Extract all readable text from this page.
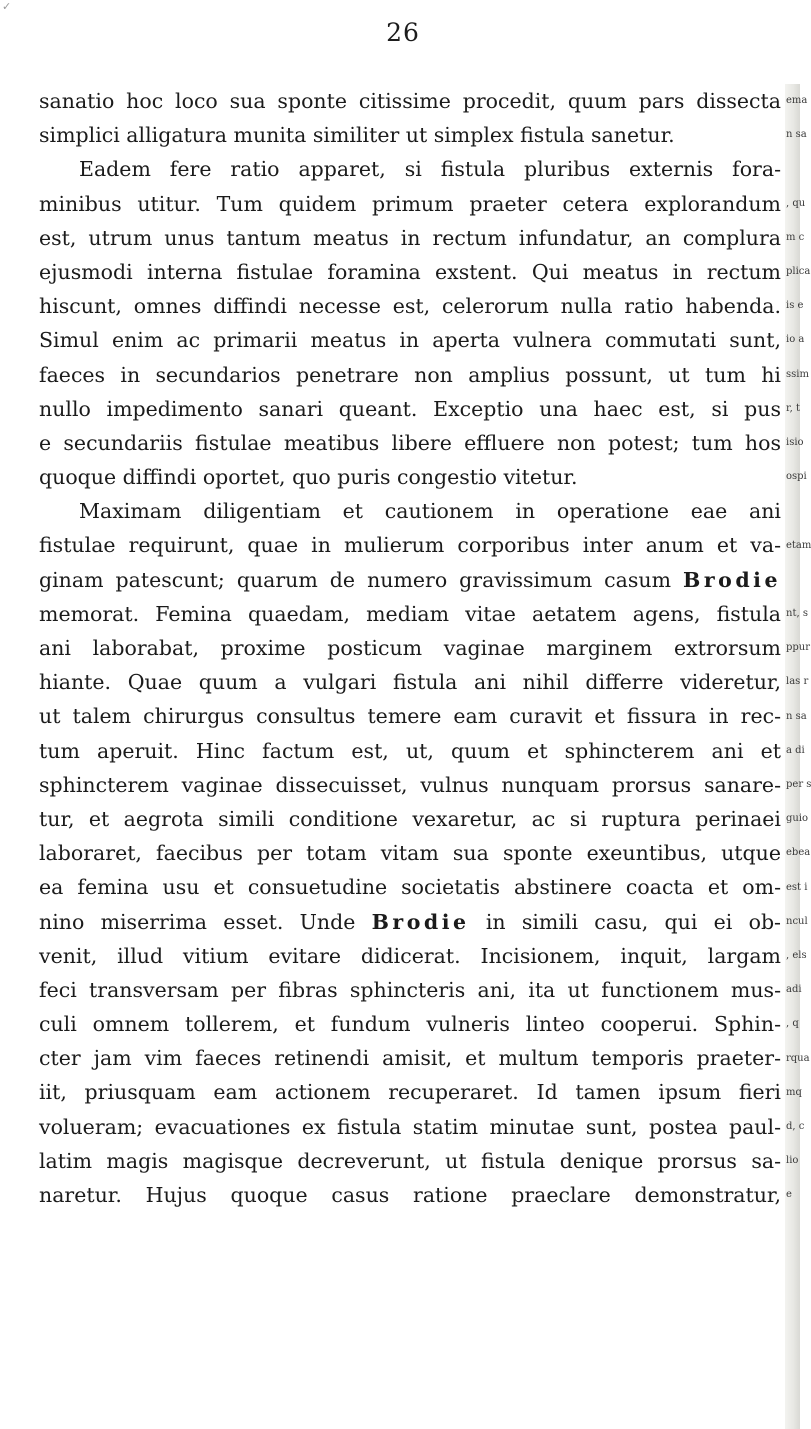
✓
26
sanatio hoc loco sua sponte citissime procedit, quum pars dissecta
simplici alligatura munita similiter ut simplex fistula sanetur.
Eadem fere ratio apparet, si fistula pluribus externis fora-
minibus utitur. Tum quidem primum praeter cetera explorandum
est, utrum unus tantum meatus in rectum infundatur, an complura
ejusmodi interna fistulae foramina exstent. Qui meatus in rectum
hiscunt, omnes diffindi necesse est, celerorum nulla ratio habenda.
Simul enim ac primarii meatus in aperta vulnera commutati sunt,
faeces in secundarios penetrare non amplius possunt, ut tum hi
nullo impedimento sanari queant. Exceptio una haec est, si pus
e secundariis fistulae meatibus libere effluere non potest; tum hos
quoque diffindi oportet, quo puris congestio vitetur.
Maximam diligentiam et cautionem in operatione eae ani
fistulae requirunt, quae in mulierum corporibus inter anum et va-
ginam patescunt; quarum de numero gravissimum casum Brodie
memorat. Femina quaedam, mediam vitae aetatem agens, fistula
ani laborabat, proxime posticum vaginae marginem extrorsum
hiante. Quae quum a vulgari fistula ani nihil differre videretur,
ut talem chirurgus consultus temere eam curavit et fissura in rec-
tum aperuit. Hinc factum est, ut, quum et sphincterem ani et
sphincterem vaginae dissecuisset, vulnus nunquam prorsus sanare-
tur, et aegrota simili conditione vexaretur, ac si ruptura perinaei
laboraret, faecibus per totam vitam sua sponte exeuntibus, utque
ea femina usu et consuetudine societatis abstinere coacta et om-
nino miserrima esset. Unde Brodie in simili casu, qui ei ob-
venit, illud vitium evitare didicerat. Incisionem, inquit, largam
feci transversam per fibras sphincteris ani, ita ut functionem mus-
culi omnem tollerem, et fundum vulneris linteo cooperui. Sphin-
cter jam vim faeces retinendi amisit, et multum temporis praeter-
iit, priusquam eam actionem recuperaret. Id tamen ipsum fieri
volueram; evacuationes ex fistula statim minutae sunt, postea paul-
latim magis magisque decreverunt, ut fistula denique prorsus sa-
naretur. Hujus quoque casus ratione praeclare demonstratur,
ema
n sa
, qu
m c
plica
is e
io a
ssim
r, t
isio
ospi
etam
nt, s
ppur
las r
n sa
a di
per s
guio
ebea
est i
ncul
, els
adi
, q
rqua
mq
d, c
lio
e
